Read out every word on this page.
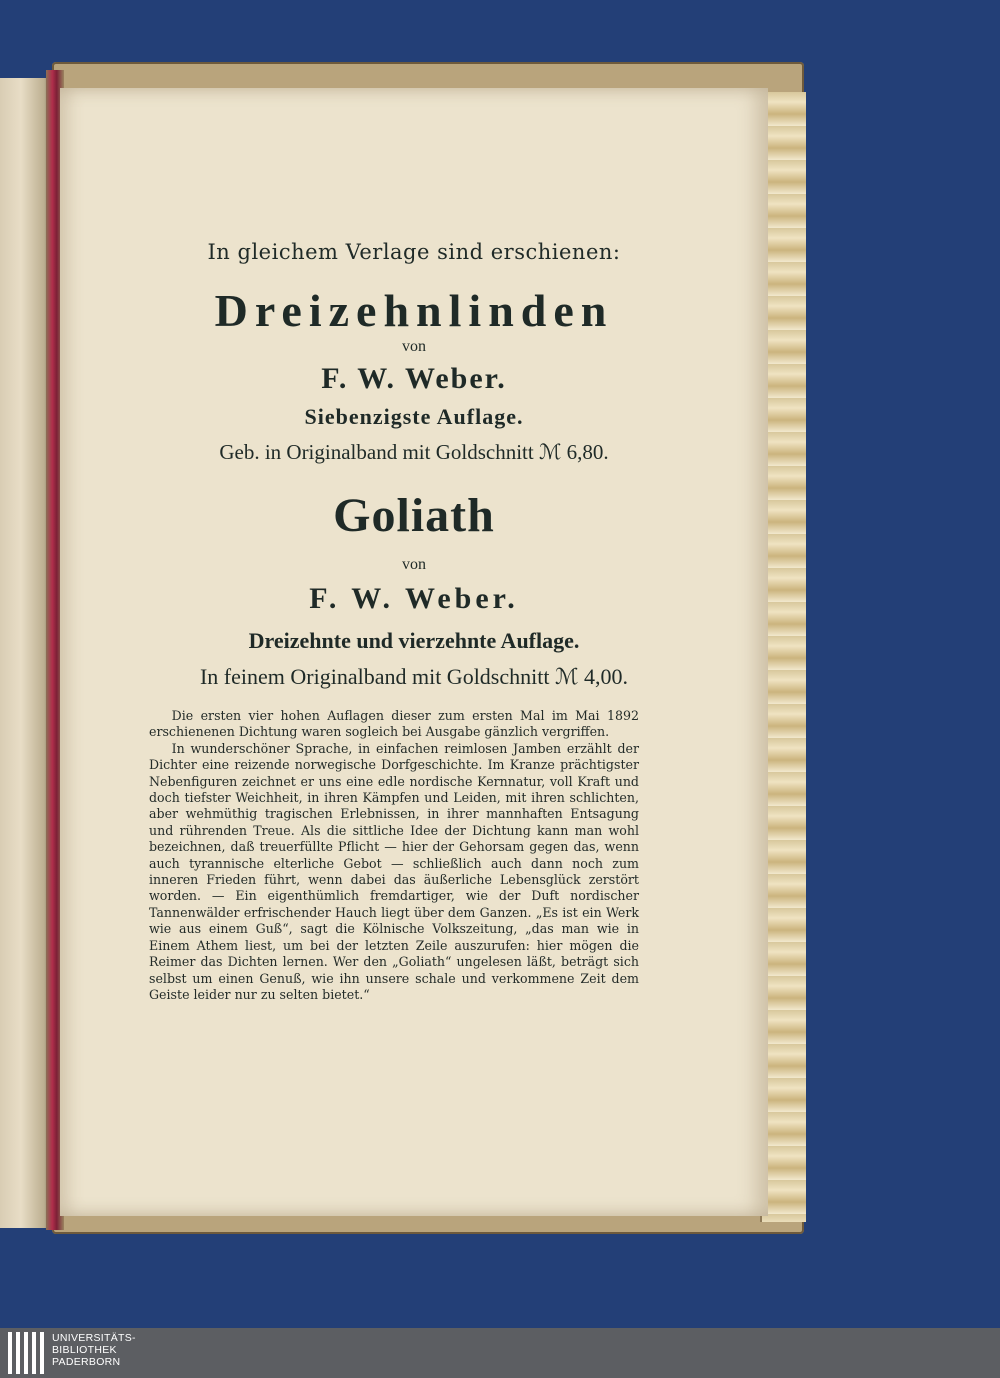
In gleichem Verlage sind erschienen:
Dreizehnlinden
von
F. W. Weber.
Siebenzigste Auflage.
Geb. in Originalband mit Goldschnitt ℳ 6,80.
Goliath
von
F. W. Weber.
Dreizehnte und vierzehnte Auflage.
In feinem Originalband mit Goldschnitt ℳ 4,00.

Die ersten vier hohen Auflagen dieser zum ersten Mal im Mai 1892 erschienenen Dichtung waren sogleich bei Ausgabe gänzlich vergriffen.

In wunderschöner Sprache, in einfachen reimlosen Jamben erzählt der Dichter eine reizende norwegische Dorfgeschichte. Im Kranze prächtigster Nebenfiguren zeichnet er uns eine edle nordische Kernnatur, voll Kraft und doch tiefster Weichheit, in ihren Kämpfen und Leiden, mit ihren schlichten, aber wehmüthig tragischen Erlebnissen, in ihrer mannhaften Entsagung und rührenden Treue. Als die sittliche Idee der Dichtung kann man wohl bezeichnen, daß treuerfüllte Pflicht — hier der Gehorsam gegen das, wenn auch tyrannische elterliche Gebot — schließlich auch dann noch zum inneren Frieden führt, wenn dabei das äußerliche Lebensglück zerstört worden. — Ein eigenthümlich fremdartiger, wie der Duft nordischer Tannenwälder erfrischender Hauch liegt über dem Ganzen. „Es ist ein Werk wie aus einem Guß“, sagt die Kölnische Volkszeitung, „das man wie in Einem Athem liest, um bei der letzten Zeile auszurufen: hier mögen die Reimer das Dichten lernen. Wer den „Goliath“ ungelesen läßt, beträgt sich selbst um einen Genuß, wie ihn unsere schale und verkommene Zeit dem Geiste leider nur zu selten bietet.“

UNIVERSITÄTS-
BIBLIOTHEK
PADERBORN
